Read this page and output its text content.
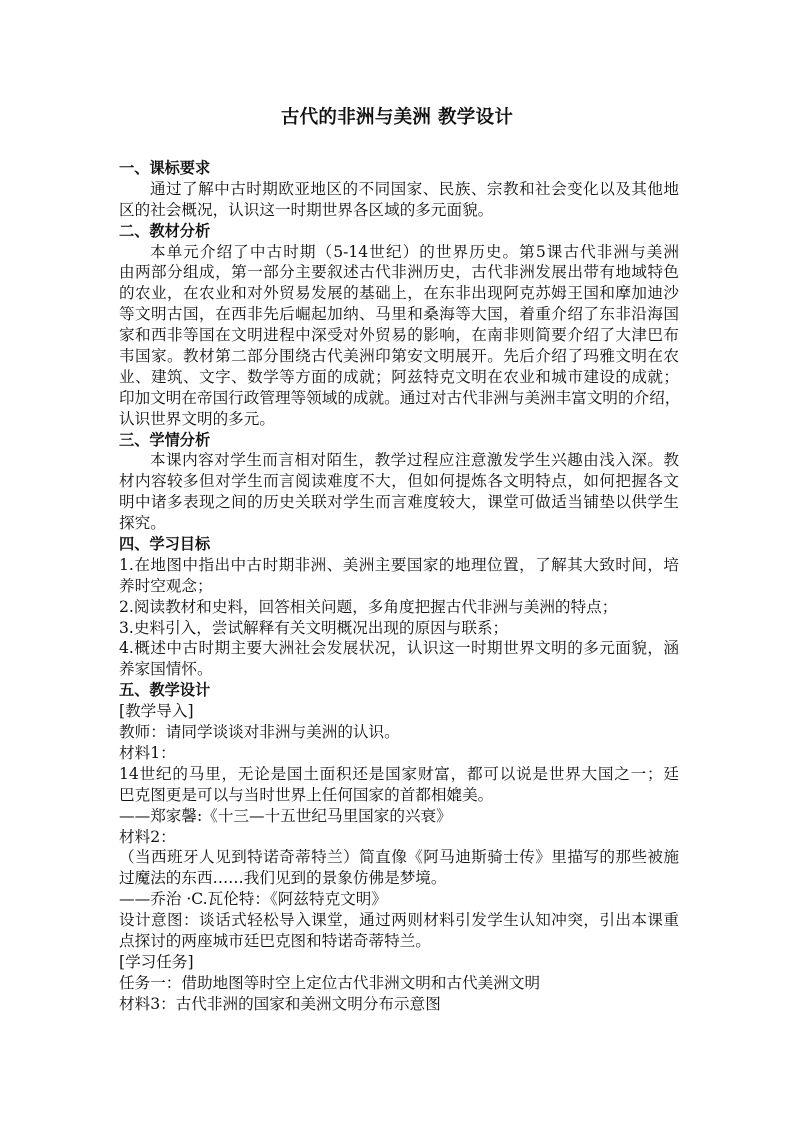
古代的非洲与美洲 教学设计
一、课标要求
通过了解中古时期欧亚地区的不同国家、民族、宗教和社会变化以及其他地
区的社会概况，认识这一时期世界各区域的多元面貌。
二、教材分析
本单元介绍了中古时期（5-14世纪）的世界历史。第5课古代非洲与美洲
由两部分组成，第一部分主要叙述古代非洲历史，古代非洲发展出带有地域特色
的农业，在农业和对外贸易发展的基础上，在东非出现阿克苏姆王国和摩加迪沙
等文明古国，在西非先后崛起加纳、马里和桑海等大国，着重介绍了东非沿海国
家和西非等国在文明进程中深受对外贸易的影响，在南非则简要介绍了大津巴布
韦国家。教材第二部分围绕古代美洲印第安文明展开。先后介绍了玛雅文明在农
业、建筑、文字、数学等方面的成就；阿兹特克文明在农业和城市建设的成就；
印加文明在帝国行政管理等领域的成就。通过对古代非洲与美洲丰富文明的介绍，
认识世界文明的多元。
三、学情分析
本课内容对学生而言相对陌生，教学过程应注意激发学生兴趣由浅入深。教
材内容较多但对学生而言阅读难度不大，但如何提炼各文明特点，如何把握各文
明中诸多表现之间的历史关联对学生而言难度较大，课堂可做适当铺垫以供学生
探究。
四、学习目标
1.在地图中指出中古时期非洲、美洲主要国家的地理位置，了解其大致时间，培
养时空观念；
2.阅读教材和史料，回答相关问题，多角度把握古代非洲与美洲的特点；
3.史料引入，尝试解释有关文明概况出现的原因与联系；
4.概述中古时期主要大洲社会发展状况，认识这一时期世界文明的多元面貌，涵
养家国情怀。
五、教学设计
[教学导入]
教师：请同学谈谈对非洲与美洲的认识。
材料1：
14世纪的马里，无论是国土面积还是国家财富，都可以说是世界大国之一；廷
巴克图更是可以与当时世界上任何国家的首都相媲美。
——郑家馨:《十三—十五世纪马里国家的兴衰》
材料2：
（当西班牙人见到特诺奇蒂特兰）简直像《阿马迪斯骑士传》里描写的那些被施
过魔法的东西……我们见到的景象仿佛是梦境。
——乔治 ·C.瓦伦特：《阿兹特克文明》
设计意图：谈话式轻松导入课堂，通过两则材料引发学生认知冲突，引出本课重
点探讨的两座城市廷巴克图和特诺奇蒂特兰。
[学习任务]
任务一：借助地图等时空上定位古代非洲文明和古代美洲文明
材料3：古代非洲的国家和美洲文明分布示意图
